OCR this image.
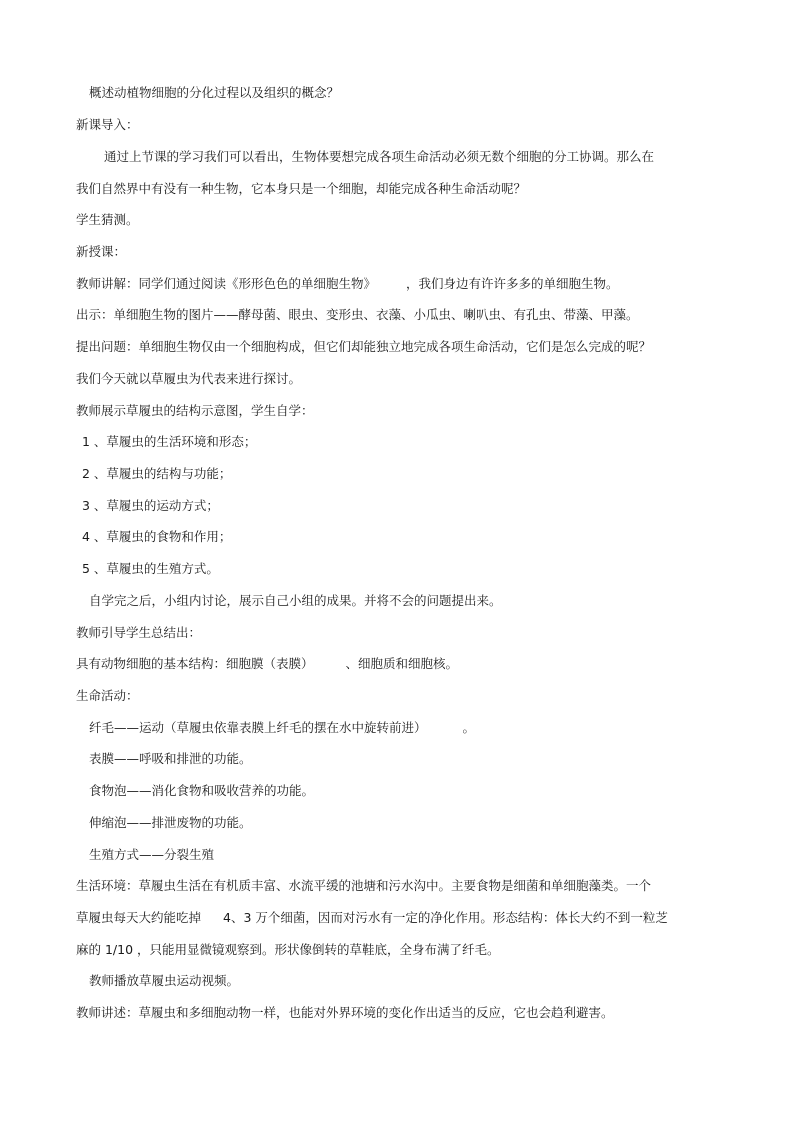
概述动植物细胞的分化过程以及组织的概念？
新课导入：
通过上节课的学习我们可以看出，生物体要想完成各项生命活动必须无数个细胞的分工协调。那么在
我们自然界中有没有一种生物，它本身只是一个细胞，却能完成各种生命活动呢？
学生猜测。
新授课：
教师讲解：同学们通过阅读《形形色色的单细胞生物》 ，我们身边有许许多多的单细胞生物。
出示：单细胞生物的图片——酵母菌、眼虫、变形虫、衣藻、小瓜虫、喇叭虫、有孔虫、带藻、甲藻。
提出问题：单细胞生物仅由一个细胞构成，但它们却能独立地完成各项生命活动，它们是怎么完成的呢？
我们今天就以草履虫为代表来进行探讨。
教师展示草履虫的结构示意图，学生自学：
1 、草履虫的生活环境和形态；
2 、草履虫的结构与功能；
3 、草履虫的运动方式；
4 、草履虫的食物和作用；
5 、草履虫的生殖方式。
自学完之后，小组内讨论，展示自己小组的成果。并将不会的问题提出来。
教师引导学生总结出：
具有动物细胞的基本结构：细胞膜（表膜）	、细胞质和细胞核。
生命活动：
纤毛——运动（草履虫依靠表膜上纤毛的摆在水中旋转前进）	。
表膜——呼吸和排泄的功能。
食物泡——消化食物和吸收营养的功能。
伸缩泡——排泄废物的功能。
生殖方式——分裂生殖
生活环境：草履虫生活在有机质丰富、水流平缓的池塘和污水沟中。主要食物是细菌和单细胞藻类。一个
草履虫每天大约能吃掉 4、3 万个细菌，因而对污水有一定的净化作用。形态结构：体长大约不到一粒芝
麻的 1/10 ，只能用显微镜观察到。形状像倒转的草鞋底，全身布满了纤毛。
教师播放草履虫运动视频。
教师讲述：草履虫和多细胞动物一样，也能对外界环境的变化作出适当的反应，它也会趋利避害。
